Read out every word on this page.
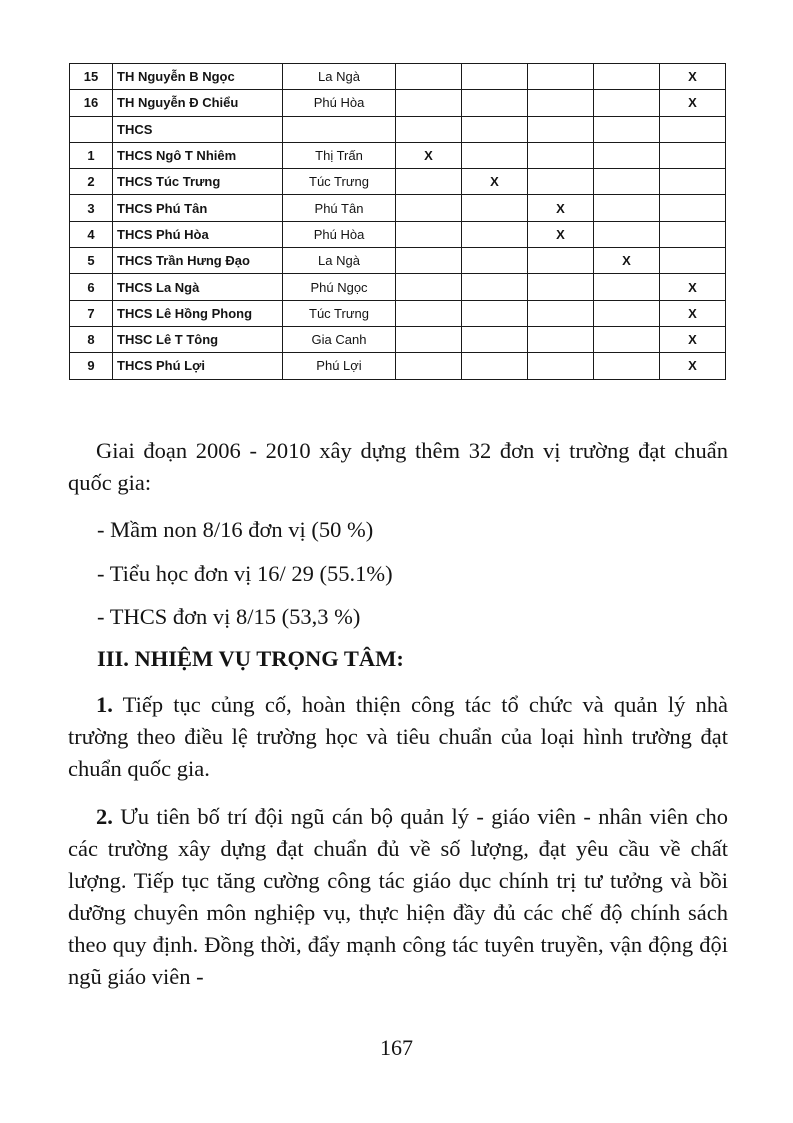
15	TH Nguyễn B Ngọc	La Ngà					X
16	TH Nguyễn Đ Chiểu	Phú Hòa					X
	THCS						
1	THCS Ngô T Nhiêm	Thị Trấn	X				
2	THCS Túc Trưng	Túc Trưng		X			
3	THCS Phú Tân	Phú Tân			X		
4	THCS Phú Hòa	Phú Hòa			X		
5	THCS Trần Hưng Đạo	La Ngà				X	
6	THCS La Ngà	Phú Ngọc					X
7	THCS Lê Hồng Phong	Túc Trưng					X
8	THSC Lê T Tông	Gia Canh					X
9	THCS Phú Lợi	Phú Lợi					X
Giai đoạn 2006 - 2010 xây dựng thêm 32 đơn vị trường đạt chuẩn quốc gia:
- Mầm non 8/16 đơn vị (50 %)
- Tiểu học đơn vị 16/ 29 (55.1%)
- THCS đơn vị 8/15 (53,3 %)
III. NHIỆM VỤ TRỌNG TÂM:
1. Tiếp tục củng cố, hoàn thiện công tác tổ chức và quản lý nhà trường theo điều lệ trường học và tiêu chuẩn của loại hình trường đạt chuẩn quốc gia.
2. Ưu tiên bố trí đội ngũ cán bộ quản lý - giáo viên - nhân viên cho các trường xây dựng đạt chuẩn đủ về số lượng, đạt yêu cầu về chất lượng. Tiếp tục tăng cường công tác giáo dục chính trị tư tưởng và bồi dưỡng chuyên môn nghiệp vụ, thực hiện đầy đủ các chế độ chính sách theo quy định. Đồng thời, đẩy mạnh công tác tuyên truyền, vận động đội ngũ giáo viên -
167
